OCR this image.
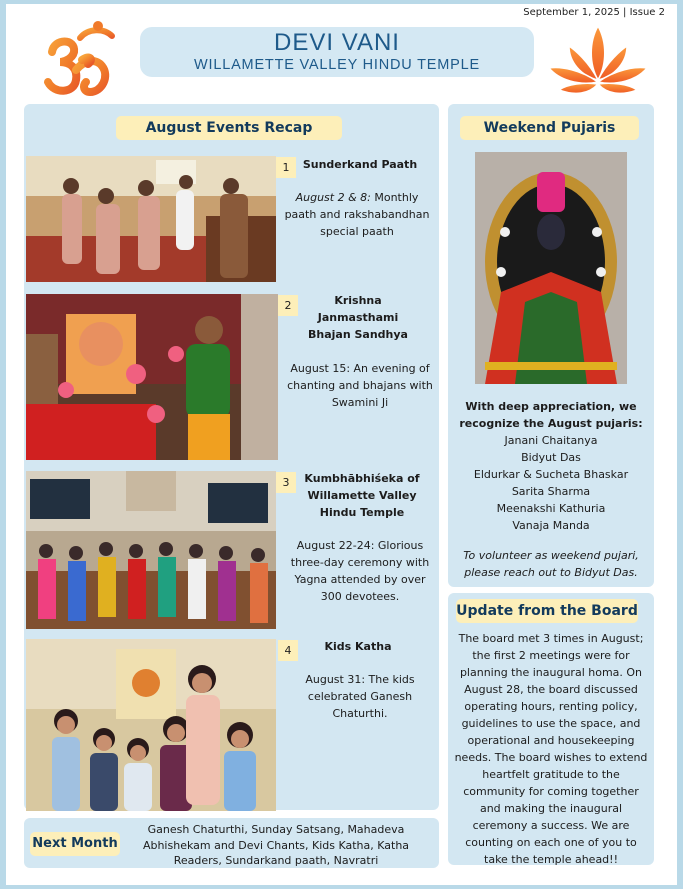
September 1, 2025 | Issue 2
DEVI VANI
WILLAMETTE VALLEY HINDU TEMPLE
August Events Recap
1	Sunderkand Paath
August 2 & 8: Monthly paath and rakshabandhan special paath
2	Krishna Janmasthami Bhajan Sandhya
August 15: An evening of chanting and bhajans with Swamini Ji
3	Kumbhābhiśeka of Willamette Valley Hindu Temple
August 22-24: Glorious three-day ceremony with Yagna attended by over 300 devotees.
4	Kids Katha
August 31: The kids celebrated Ganesh Chaturthi.
Weekend Pujaris
With deep appreciation, we recognize the August pujaris:
Janani Chaitanya
Bidyut Das
Eldurkar & Sucheta Bhaskar
Sarita Sharma
Meenakshi Kathuria
Vanaja Manda
To volunteer as weekend pujari, please reach out to Bidyut Das.
Update from the Board
The board met 3 times in August; the first 2 meetings were for planning the inaugural homa. On August 28, the board discussed operating hours, renting policy, guidelines to use the space, and operational and housekeeping needs. The board wishes to extend heartfelt gratitude to the community for coming together and making the inaugural ceremony a success. We are counting on each one of you to take the temple ahead!!
Next Month
Ganesh Chaturthi, Sunday Satsang, Mahadeva Abhishekam and Devi Chants, Kids Katha, Katha Readers, Sundarkand paath, Navratri
